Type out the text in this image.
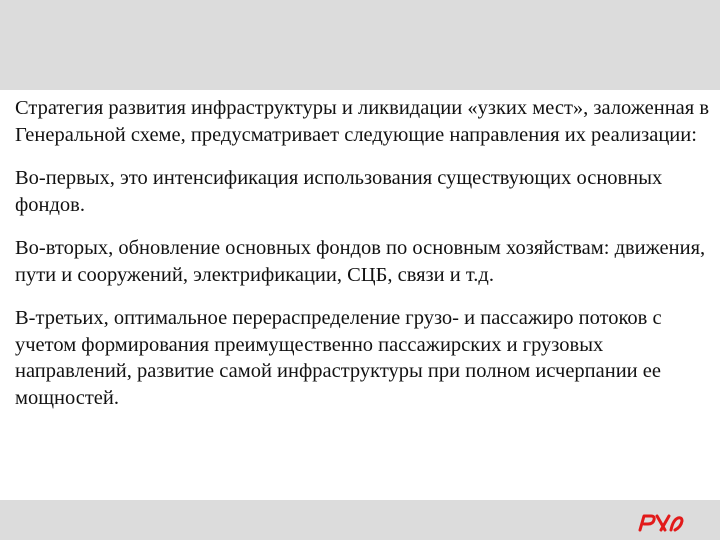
Стратегия развития инфраструктуры и ликвидации «узких мест», заложенная в Генеральной схеме, предусматривает следующие направления их реализации:

Во-первых, это интенсификация использования существующих основных фондов.

Во-вторых, обновление основных фондов по основным хозяйствам: движения, пути и сооружений, электрификации, СЦБ, связи и т.д.

В-третьих, оптимальное перераспределение грузо- и пассажиро потоков с учетом формирования преимущественно пассажирских и грузовых направлений, развитие самой инфраструктуры при полном исчерпании ее мощностей.
